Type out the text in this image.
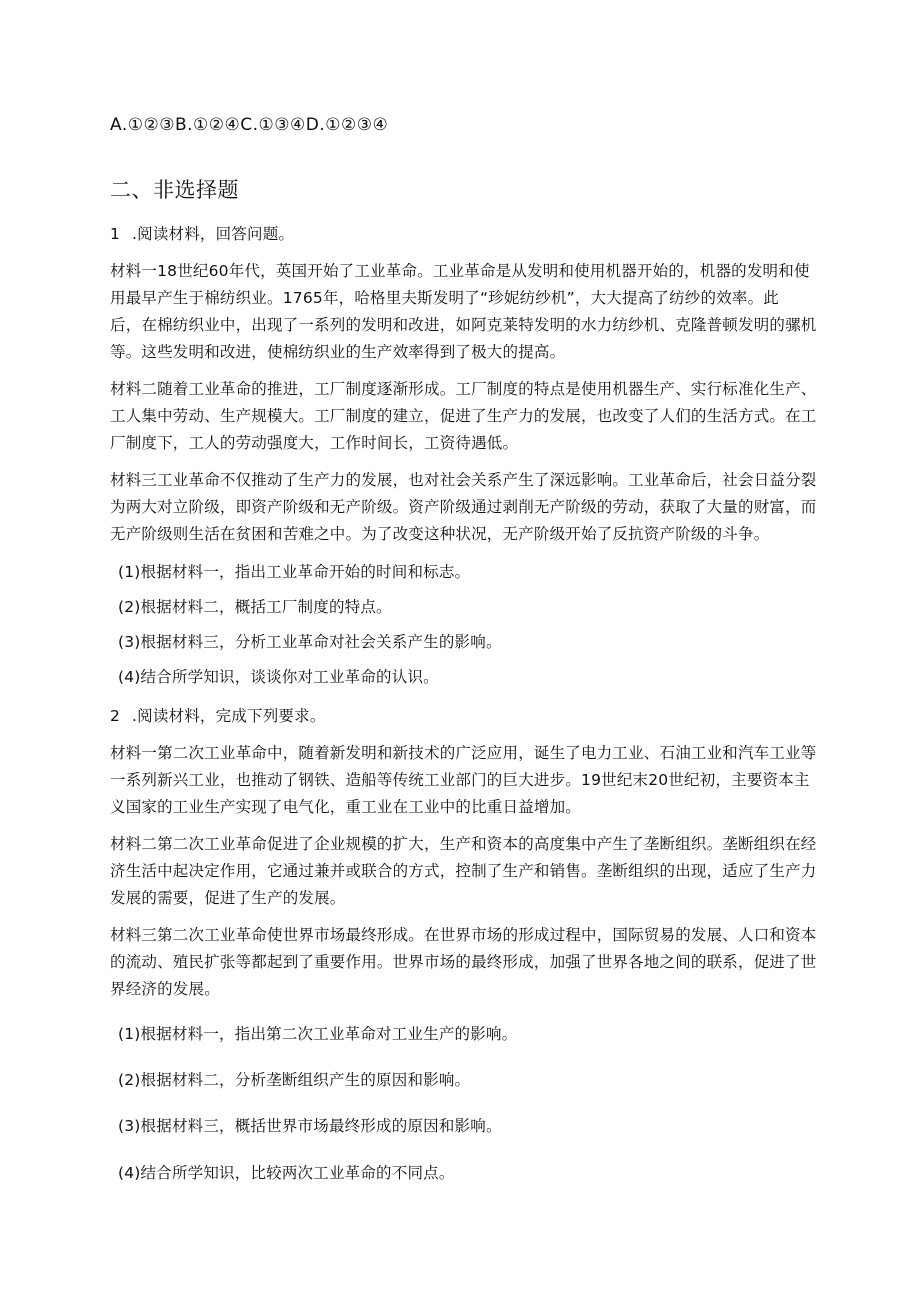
A.①②③B.①②④C.①③④D.①②③④
二、非选择题
1 .阅读材料，回答问题。
材料一18世纪60年代，英国开始了工业革命。工业革命是从发明和使用机器开始的，机器的发明和使
用最早产生于棉纺织业。1765年，哈格里夫斯发明了“珍妮纺纱机”，大大提高了纺纱的效率。此
后，在棉纺织业中，出现了一系列的发明和改进，如阿克莱特发明的水力纺纱机、克隆普顿发明的骡机
等。这些发明和改进，使棉纺织业的生产效率得到了极大的提高。
材料二随着工业革命的推进，工厂制度逐渐形成。工厂制度的特点是使用机器生产、实行标准化生产、
工人集中劳动、生产规模大。工厂制度的建立，促进了生产力的发展，也改变了人们的生活方式。在工
厂制度下，工人的劳动强度大，工作时间长，工资待遇低。
材料三工业革命不仅推动了生产力的发展，也对社会关系产生了深远影响。工业革命后，社会日益分裂
为两大对立阶级，即资产阶级和无产阶级。资产阶级通过剥削无产阶级的劳动，获取了大量的财富，而
无产阶级则生活在贫困和苦难之中。为了改变这种状况，无产阶级开始了反抗资产阶级的斗争。
(1)根据材料一，指出工业革命开始的时间和标志。
(2)根据材料二，概括工厂制度的特点。
(3)根据材料三，分析工业革命对社会关系产生的影响。
(4)结合所学知识，谈谈你对工业革命的认识。
2 .阅读材料，完成下列要求。
材料一第二次工业革命中，随着新发明和新技术的广泛应用，诞生了电力工业、石油工业和汽车工业等
一系列新兴工业，也推动了钢铁、造船等传统工业部门的巨大进步。19世纪末20世纪初，主要资本主
义国家的工业生产实现了电气化，重工业在工业中的比重日益增加。
材料二第二次工业革命促进了企业规模的扩大，生产和资本的高度集中产生了垄断组织。垄断组织在经
济生活中起决定作用，它通过兼并或联合的方式，控制了生产和销售。垄断组织的出现，适应了生产力
发展的需要，促进了生产的发展。
材料三第二次工业革命使世界市场最终形成。在世界市场的形成过程中，国际贸易的发展、人口和资本
的流动、殖民扩张等都起到了重要作用。世界市场的最终形成，加强了世界各地之间的联系，促进了世
界经济的发展。
(1)根据材料一，指出第二次工业革命对工业生产的影响。
(2)根据材料二，分析垄断组织产生的原因和影响。
(3)根据材料三，概括世界市场最终形成的原因和影响。
(4)结合所学知识，比较两次工业革命的不同点。
